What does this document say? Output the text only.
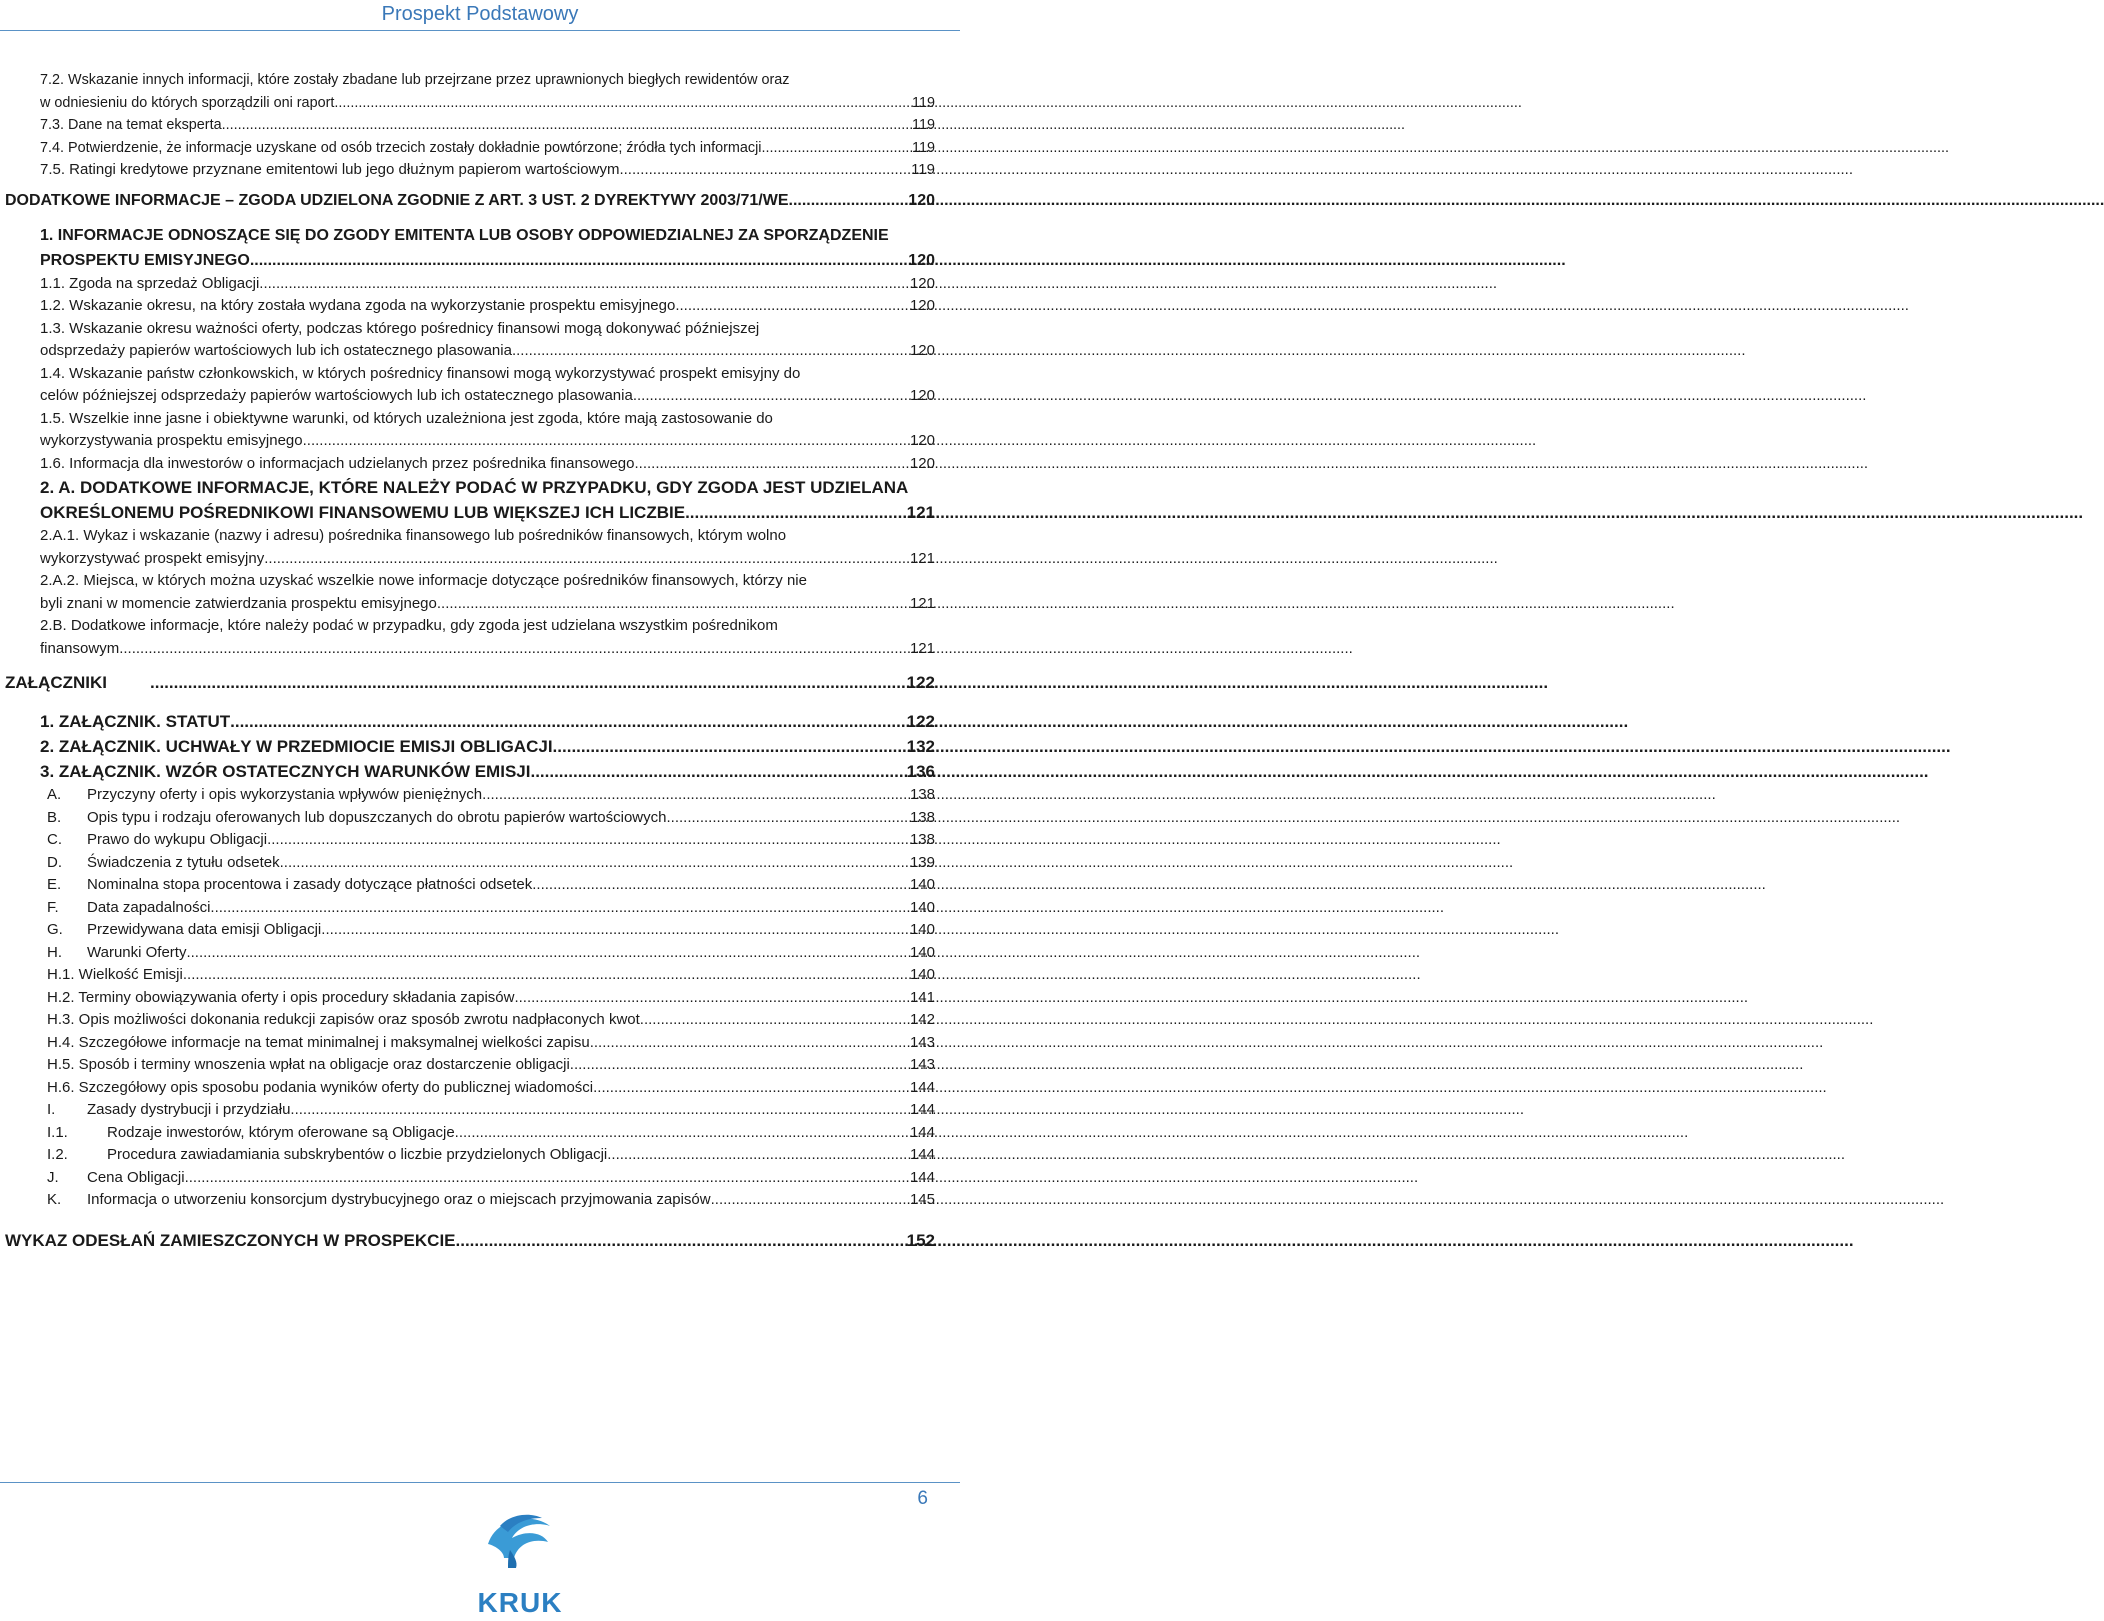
Prospekt Podstawowy
7.2. Wskazanie innych informacji, które zostały zbadane lub przejrzane przez uprawnionych biegłych rewidentów oraz
w odniesieniu do których sporządzili oni raport. .....	119
7.3. Dane na temat eksperta .....	119
7.4. Potwierdzenie, że informacje uzyskane od osób trzecich zostały dokładnie powtórzone; źródła tych informacji. .....	119
7.5. Ratingi kredytowe przyznane emitentowi lub jego dłużnym papierom wartościowym .....	119
DODATKOWE INFORMACJE – ZGODA UDZIELONA ZGODNIE Z ART. 3 UST. 2 DYREKTYWY 2003/71/WE .....	120
1. INFORMACJE ODNOSZĄCE SIĘ DO ZGODY EMITENTA LUB OSOBY ODPOWIEDZIALNEJ ZA SPORZĄDZENIE
PROSPEKTU EMISYJNEGO .....	120
1.1. Zgoda na sprzedaż Obligacji. .....	120
1.2. Wskazanie okresu, na który została wydana zgoda na wykorzystanie prospektu emisyjnego .....	120
1.3. Wskazanie okresu ważności oferty, podczas którego pośrednicy finansowi mogą dokonywać późniejszej
odsprzedaży papierów wartościowych lub ich ostatecznego plasowania .....	120
1.4. Wskazanie państw członkowskich, w których pośrednicy finansowi mogą wykorzystywać prospekt emisyjny do
celów późniejszej odsprzedaży papierów wartościowych lub ich ostatecznego plasowania .....	120
1.5. Wszelkie inne jasne i obiektywne warunki, od których uzależniona jest zgoda, które mają zastosowanie do
wykorzystywania prospektu emisyjnego .....	120
1.6. Informacja dla inwestorów o informacjach udzielanych przez pośrednika finansowego .....	120
2. A. DODATKOWE INFORMACJE, KTÓRE NALEŻY PODAĆ W PRZYPADKU, GDY ZGODA JEST UDZIELANA
OKREŚLONEMU POŚREDNIKOWI FINANSOWEMU LUB WIĘKSZEJ ICH LICZBIE .....	121
2.A.1. Wykaz i wskazanie (nazwy i adresu) pośrednika finansowego lub pośredników finansowych, którym wolno
wykorzystywać prospekt emisyjny .....	121
2.A.2. Miejsca, w których można uzyskać wszelkie nowe informacje dotyczące pośredników finansowych, którzy nie
byli znani w momencie zatwierdzania prospektu emisyjnego. .....	121
2.B. Dodatkowe informacje, które należy podać w przypadku, gdy zgoda jest udzielana wszystkim pośrednikom
finansowym .....	121
ZAŁĄCZNIKI .....	122
1. ZAŁĄCZNIK. STATUT .....	122
2. ZAŁĄCZNIK. UCHWAŁY W PRZEDMIOCIE EMISJI OBLIGACJI .....	132
3. ZAŁĄCZNIK. WZÓR OSTATECZNYCH WARUNKÓW EMISJI .....	136
A.	Przyczyny oferty i opis wykorzystania wpływów pieniężnych .....	138
B.	Opis typu i rodzaju oferowanych lub dopuszczanych do obrotu papierów wartościowych .....	138
C.	Prawo do wykupu Obligacji .....	138
D.	Świadczenia z tytułu odsetek .....	139
E.	Nominalna stopa procentowa i zasady dotyczące płatności odsetek .....	140
F.	Data zapadalności .....	140
G.	Przewidywana data emisji Obligacji. .....	140
H.	Warunki Oferty .....	140
H.1. Wielkość Emisji. .....	140
H.2. Terminy obowiązywania oferty i opis procedury składania zapisów .....	141
H.3. Opis możliwości dokonania redukcji zapisów oraz sposób zwrotu nadpłaconych kwot .....	142
H.4. Szczegółowe informacje na temat minimalnej i maksymalnej wielkości zapisu .....	143
H.5. Sposób i terminy wnoszenia wpłat na obligacje oraz dostarczenie obligacji .....	143
H.6. Szczegółowy opis sposobu podania wyników oferty do publicznej wiadomości .....	144
I.	Zasady dystrybucji i przydziału .....	144
I.1.	Rodzaje inwestorów, którym oferowane są Obligacje .....	144
I.2.	Procedura zawiadamiania subskrybentów o liczbie przydzielonych Obligacji. .....	144
J.	Cena Obligacji .....	144
K.	Informacja o utworzeniu konsorcjum dystrybucyjnego oraz o miejscach przyjmowania zapisów .....	145
WYKAZ ODESŁAŃ ZAMIESZCZONYCH W PROSPEKCIE .....	152
6
KRUK
